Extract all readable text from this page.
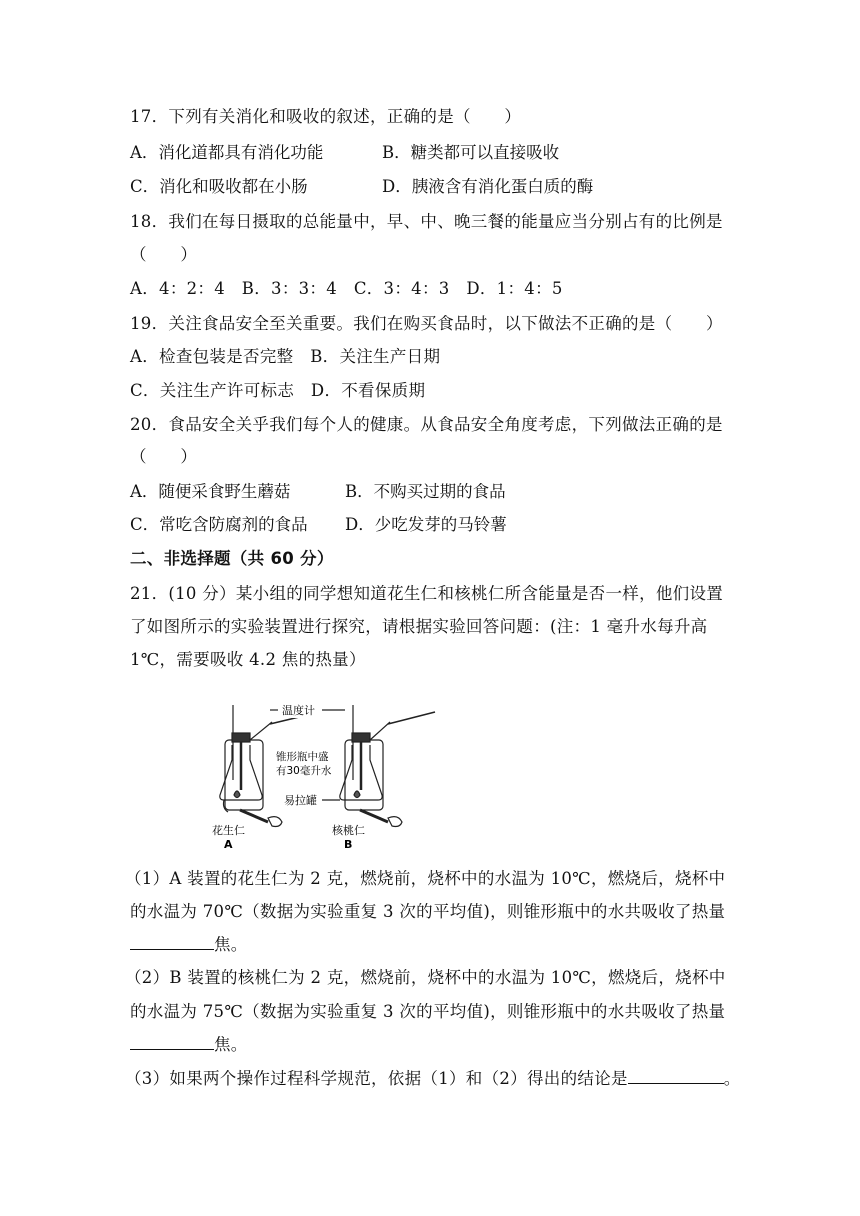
17．下列有关消化和吸收的叙述，正确的是（　　）
A．消化道都具有消化功能	B．糖类都可以直接吸收
C．消化和吸收都在小肠	D．胰液含有消化蛋白质的酶
18．我们在每日摄取的总能量中，早、中、晚三餐的能量应当分别占有的比例是
（　　）
A．4：2：4　B．3：3：4　C．3：4：3　D．1：4：5
19．关注食品安全至关重要。我们在购买食品时，以下做法不正确的是（　　）
A．检查包装是否完整　B．关注生产日期
C．关注生产许可标志　D．不看保质期
20．食品安全关乎我们每个人的健康。从食品安全角度考虑，下列做法正确的是
（　　）
A．随便采食野生蘑菇	B．不购买过期的食品
C．常吃含防腐剂的食品 D．少吃发芽的马铃薯
二、非选择题（共 60 分）
21．(10 分）某小组的同学想知道花生仁和核桃仁所含能量是否一样，他们设置
了如图所示的实验装置进行探究，请根据实验回答问题：(注：1 毫升水每升高
1℃，需要吸收 4.2 焦的热量）
温度计
锥形瓶中盛
有30毫升水
易拉罐
花生仁	核桃仁
A	B
（1）A 装置的花生仁为 2 克，燃烧前，烧杯中的水温为 10℃，燃烧后，烧杯中
的水温为 70℃（数据为实验重复 3 次的平均值)，则锥形瓶中的水共吸收了热量
焦。
（2）B 装置的核桃仁为 2 克，燃烧前，烧杯中的水温为 10℃，燃烧后，烧杯中
的水温为 75℃（数据为实验重复 3 次的平均值)，则锥形瓶中的水共吸收了热量
焦。
（3）如果两个操作过程科学规范，依据（1）和（2）得出的结论是	。
